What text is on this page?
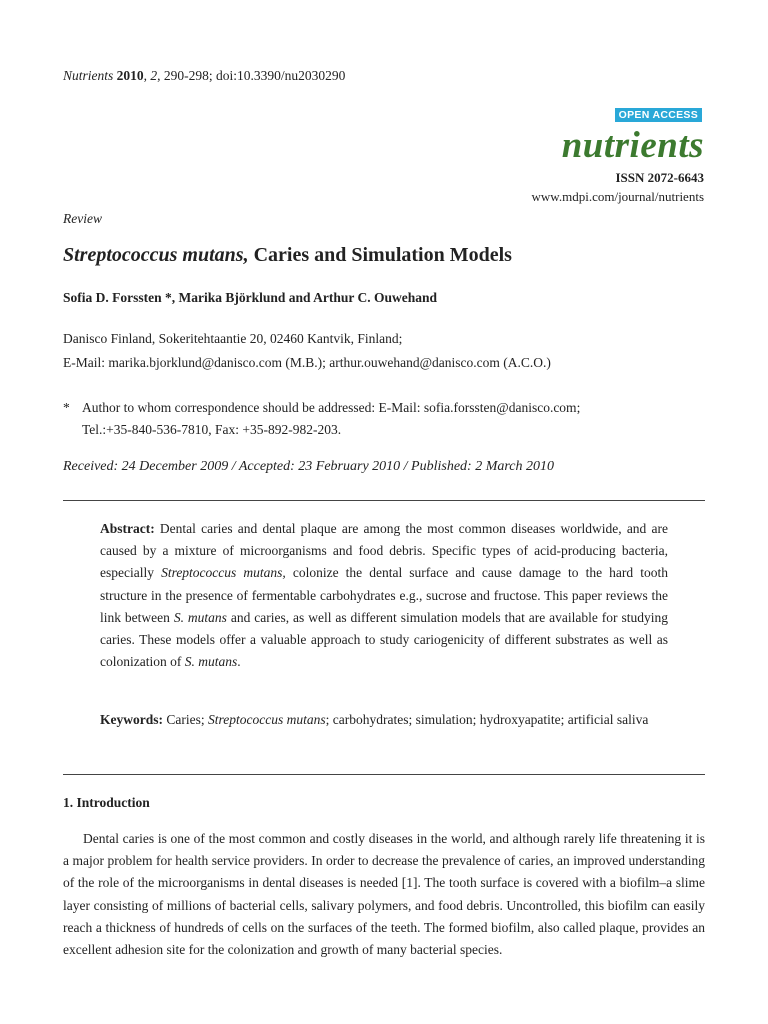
Nutrients 2010, 2, 290-298; doi:10.3390/nu2030290
OPEN ACCESS
nutrients
ISSN 2072-6643
www.mdpi.com/journal/nutrients
Review
Streptococcus mutans, Caries and Simulation Models
Sofia D. Forssten *, Marika Björklund and Arthur C. Ouwehand
Danisco Finland, Sokeritehtaantie 20, 02460 Kantvik, Finland;
E-Mail: marika.bjorklund@danisco.com (M.B.); arthur.ouwehand@danisco.com (A.C.O.)
* Author to whom correspondence should be addressed: E-Mail: sofia.forssten@danisco.com;
Tel.:+35-840-536-7810, Fax: +35-892-982-203.
Received: 24 December 2009 / Accepted: 23 February 2010 / Published: 2 March 2010

Abstract: Dental caries and dental plaque are among the most common diseases worldwide, and are caused by a mixture of microorganisms and food debris. Specific types of acid-producing bacteria, especially Streptococcus mutans, colonize the dental surface and cause damage to the hard tooth structure in the presence of fermentable carbohydrates e.g., sucrose and fructose. This paper reviews the link between S. mutans and caries, as well as different simulation models that are available for studying caries. These models offer a valuable approach to study cariogenicity of different substrates as well as colonization of S. mutans.

Keywords: Caries; Streptococcus mutans; carbohydrates; simulation; hydroxyapatite; artificial saliva

1. Introduction

Dental caries is one of the most common and costly diseases in the world, and although rarely life threatening it is a major problem for health service providers. In order to decrease the prevalence of caries, an improved understanding of the role of the microorganisms in dental diseases is needed [1]. The tooth surface is covered with a biofilm–a slime layer consisting of millions of bacterial cells, salivary polymers, and food debris. Uncontrolled, this biofilm can easily reach a thickness of hundreds of cells on the surfaces of the teeth. The formed biofilm, also called plaque, provides an excellent adhesion site for the colonization and growth of many bacterial species.
